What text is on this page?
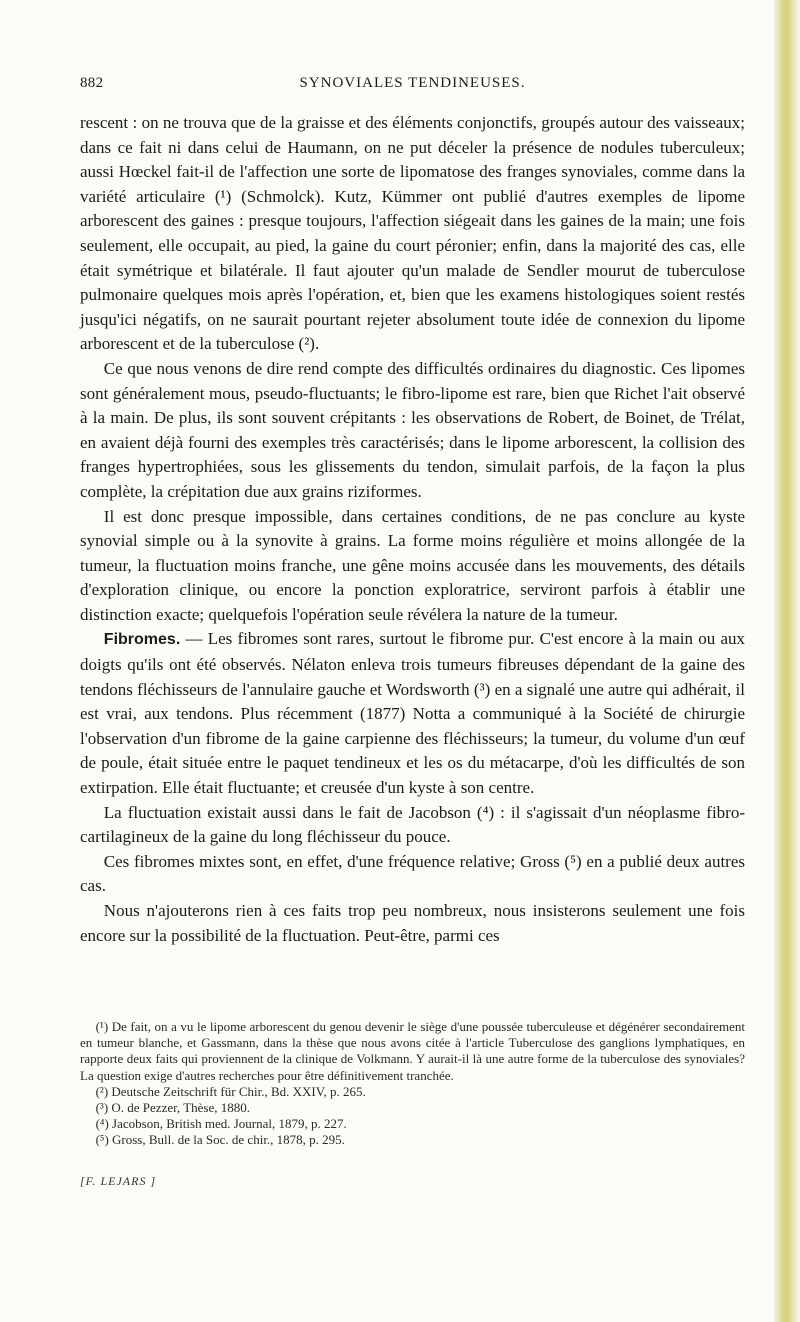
882	SYNOVIALES TENDINEUSES.

rescent : on ne trouva que de la graisse et des éléments conjonctifs, groupés autour des vaisseaux; dans ce fait ni dans celui de Haumann, on ne put déceler la présence de nodules tuberculeux; aussi Hœckel fait-il de l'affection une sorte de lipomatose des franges synoviales, comme dans la variété articulaire (¹) (Schmolck). Kutz, Kümmer ont publié d'autres exemples de lipome arborescent des gaines : presque toujours, l'affection siégeait dans les gaines de la main; une fois seulement, elle occupait, au pied, la gaine du court péronier; enfin, dans la majorité des cas, elle était symétrique et bilatérale. Il faut ajouter qu'un malade de Sendler mourut de tuberculose pulmonaire quelques mois après l'opération, et, bien que les examens histologiques soient restés jusqu'ici négatifs, on ne saurait pourtant rejeter absolument toute idée de connexion du lipome arborescent et de la tuberculose (²).

Ce que nous venons de dire rend compte des difficultés ordinaires du diagnostic. Ces lipomes sont généralement mous, pseudo-fluctuants; le fibro-lipome est rare, bien que Richet l'ait observé à la main. De plus, ils sont souvent crépitants : les observations de Robert, de Boinet, de Trélat, en avaient déjà fourni des exemples très caractérisés; dans le lipome arborescent, la collision des franges hypertrophiées, sous les glissements du tendon, simulait parfois, de la façon la plus complète, la crépitation due aux grains riziformes.

Il est donc presque impossible, dans certaines conditions, de ne pas conclure au kyste synovial simple ou à la synovite à grains. La forme moins régulière et moins allongée de la tumeur, la fluctuation moins franche, une gêne moins accusée dans les mouvements, des détails d'exploration clinique, ou encore la ponction exploratrice, serviront parfois à établir une distinction exacte; quelquefois l'opération seule révélera la nature de la tumeur.

Fibromes. — Les fibromes sont rares, surtout le fibrome pur. C'est encore à la main ou aux doigts qu'ils ont été observés. Nélaton enleva trois tumeurs fibreuses dépendant de la gaine des tendons fléchisseurs de l'annulaire gauche et Wordsworth (³) en a signalé une autre qui adhérait, il est vrai, aux tendons. Plus récemment (1877) Notta a communiqué à la Société de chirurgie l'observation d'un fibrome de la gaine carpienne des fléchisseurs; la tumeur, du volume d'un œuf de poule, était située entre le paquet tendineux et les os du métacarpe, d'où les difficultés de son extirpation. Elle était fluctuante; et creusée d'un kyste à son centre.

La fluctuation existait aussi dans le fait de Jacobson (⁴) : il s'agissait d'un néoplasme fibro-cartilagineux de la gaine du long fléchisseur du pouce.

Ces fibromes mixtes sont, en effet, d'une fréquence relative; Gross (⁵) en a publié deux autres cas.

Nous n'ajouterons rien à ces faits trop peu nombreux, nous insisterons seulement une fois encore sur la possibilité de la fluctuation. Peut-être, parmi ces

(¹) De fait, on a vu le lipome arborescent du genou devenir le siège d'une poussée tuberculeuse et dégénérer secondairement en tumeur blanche, et Gassmann, dans la thèse que nous avons citée à l'article Tuberculose des ganglions lymphatiques, en rapporte deux faits qui proviennent de la clinique de Volkmann. Y aurait-il là une autre forme de la tuberculose des synoviales? La question exige d'autres recherches pour être définitivement tranchée.

(²) Deutsche Zeitschrift für Chir., Bd. XXIV, p. 265.

(³) O. de Pezzer, Thèse, 1880.

(⁴) Jacobson, British med. Journal, 1879, p. 227.

(⁵) Gross, Bull. de la Soc. de chir., 1878, p. 295.

[F. LEJARS ]
